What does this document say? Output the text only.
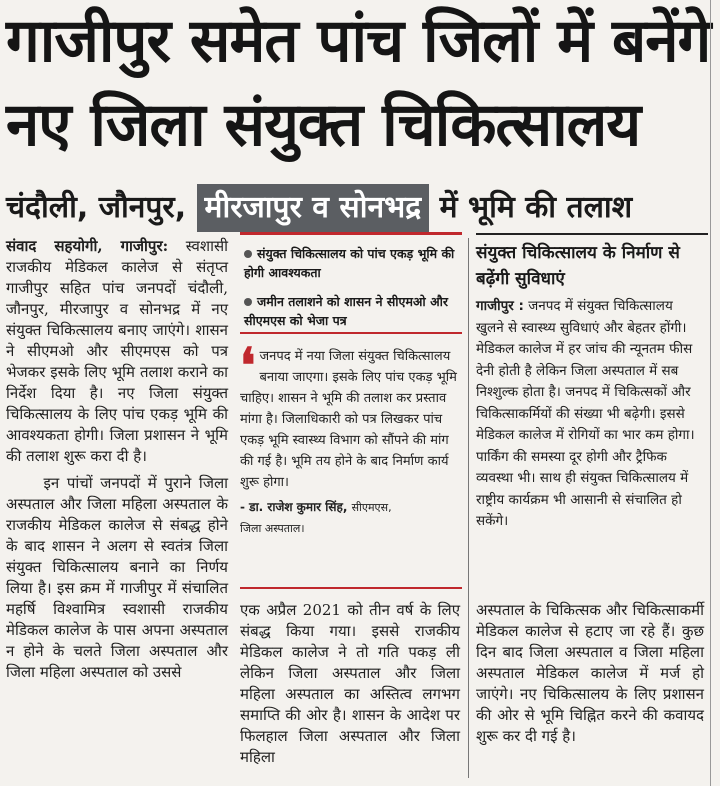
गाजीपुर समेत पांच जिलों में बनेंगे
नए जिला संयुक्त चिकित्सालय
चंदौली, जौनपुर, मीरजापुर व सोनभद्र में भूमि की तलाश

संवाद सहयोगी, गाजीपुर: स्वशासी राजकीय मेडिकल कालेज से संतृप्त गाजीपुर सहित पांच जनपदों चंदौली, जौनपुर, मीरजापुर व सोनभद्र में नए संयुक्त चिकित्सालय बनाए जाएंगे। शासन ने सीएमओ और सीएमएस को पत्र भेजकर इसके लिए भूमि तलाश कराने का निर्देश दिया है। नए जिला संयुक्त चिकित्सालय के लिए पांच एकड़ भूमि की आवश्यकता होगी। जिला प्रशासन ने भूमि की तलाश शुरू करा दी है।

इन पांचों जनपदों में पुराने जिला अस्पताल और जिला महिला अस्पताल के राजकीय मेडिकल कालेज से संबद्ध होने के बाद शासन ने अलग से स्वतंत्र जिला संयुक्त चिकित्सालय बनाने का निर्णय लिया है। इस क्रम में गाजीपुर में संचालित महर्षि विश्वामित्र स्वशासी राजकीय मेडिकल कालेज के पास अपना अस्पताल न होने के चलते जिला अस्पताल और जिला महिला अस्पताल को उससे

संयुक्त चिकित्सालय को पांच एकड़ भूमि की होगी आवश्यकता
जमीन तलाशने को शासन ने सीएमओ और सीएमएस को भेजा पत्र
❛ जनपद में नया जिला संयुक्त चिकित्सालय बनाया जाएगा। इसके लिए पांच एकड़ भूमि चाहिए। शासन ने भूमि की तलाश कर प्रस्ताव मांगा है। जिलाधिकारी को पत्र लिखकर पांच एकड़ भूमि स्वास्थ्य विभाग को सौंपने की मांग की गई है। भूमि तय होने के बाद निर्माण कार्य शुरू होगा।
- डा. राजेश कुमार सिंह, सीएमएस,
जिला अस्पताल।
एक अप्रैल 2021 को तीन वर्ष के लिए संबद्ध किया गया। इससे राजकीय मेडिकल कालेज ने तो गति पकड़ ली लेकिन जिला अस्पताल और जिला महिला अस्पताल का अस्तित्व लगभग समाप्ति की ओर है। शासन के आदेश पर फिलहाल जिला अस्पताल और जिला महिला
संयुक्त चिकित्सालय के निर्माण से बढ़ेंगी सुविधाएं
गाजीपुर : जनपद में संयुक्त चिकित्सालय खुलने से स्वास्थ्य सुविधाएं और बेहतर होंगी। मेडिकल कालेज में हर जांच की न्यूनतम फीस देनी होती है लेकिन जिला अस्पताल में सब निश्शुल्क होता है। जनपद में चिकित्सकों और चिकित्साकर्मियों की संख्या भी बढ़ेगी। इससे मेडिकल कालेज में रोगियों का भार कम होगा। पार्किंग की समस्या दूर होगी और ट्रैफिक व्यवस्था भी। साथ ही संयुक्त चिकित्सालय में राष्ट्रीय कार्यक्रम भी आसानी से संचालित हो सकेंगे।
अस्पताल के चिकित्सक और चिकित्साकर्मी मेडिकल कालेज से हटाए जा रहे हैं। कुछ दिन बाद जिला अस्पताल व जिला महिला अस्पताल मेडिकल कालेज में मर्ज हो जाएंगे। नए चिकित्सालय के लिए प्रशासन की ओर से भूमि चिह्नित करने की कवायद शुरू कर दी गई है।
